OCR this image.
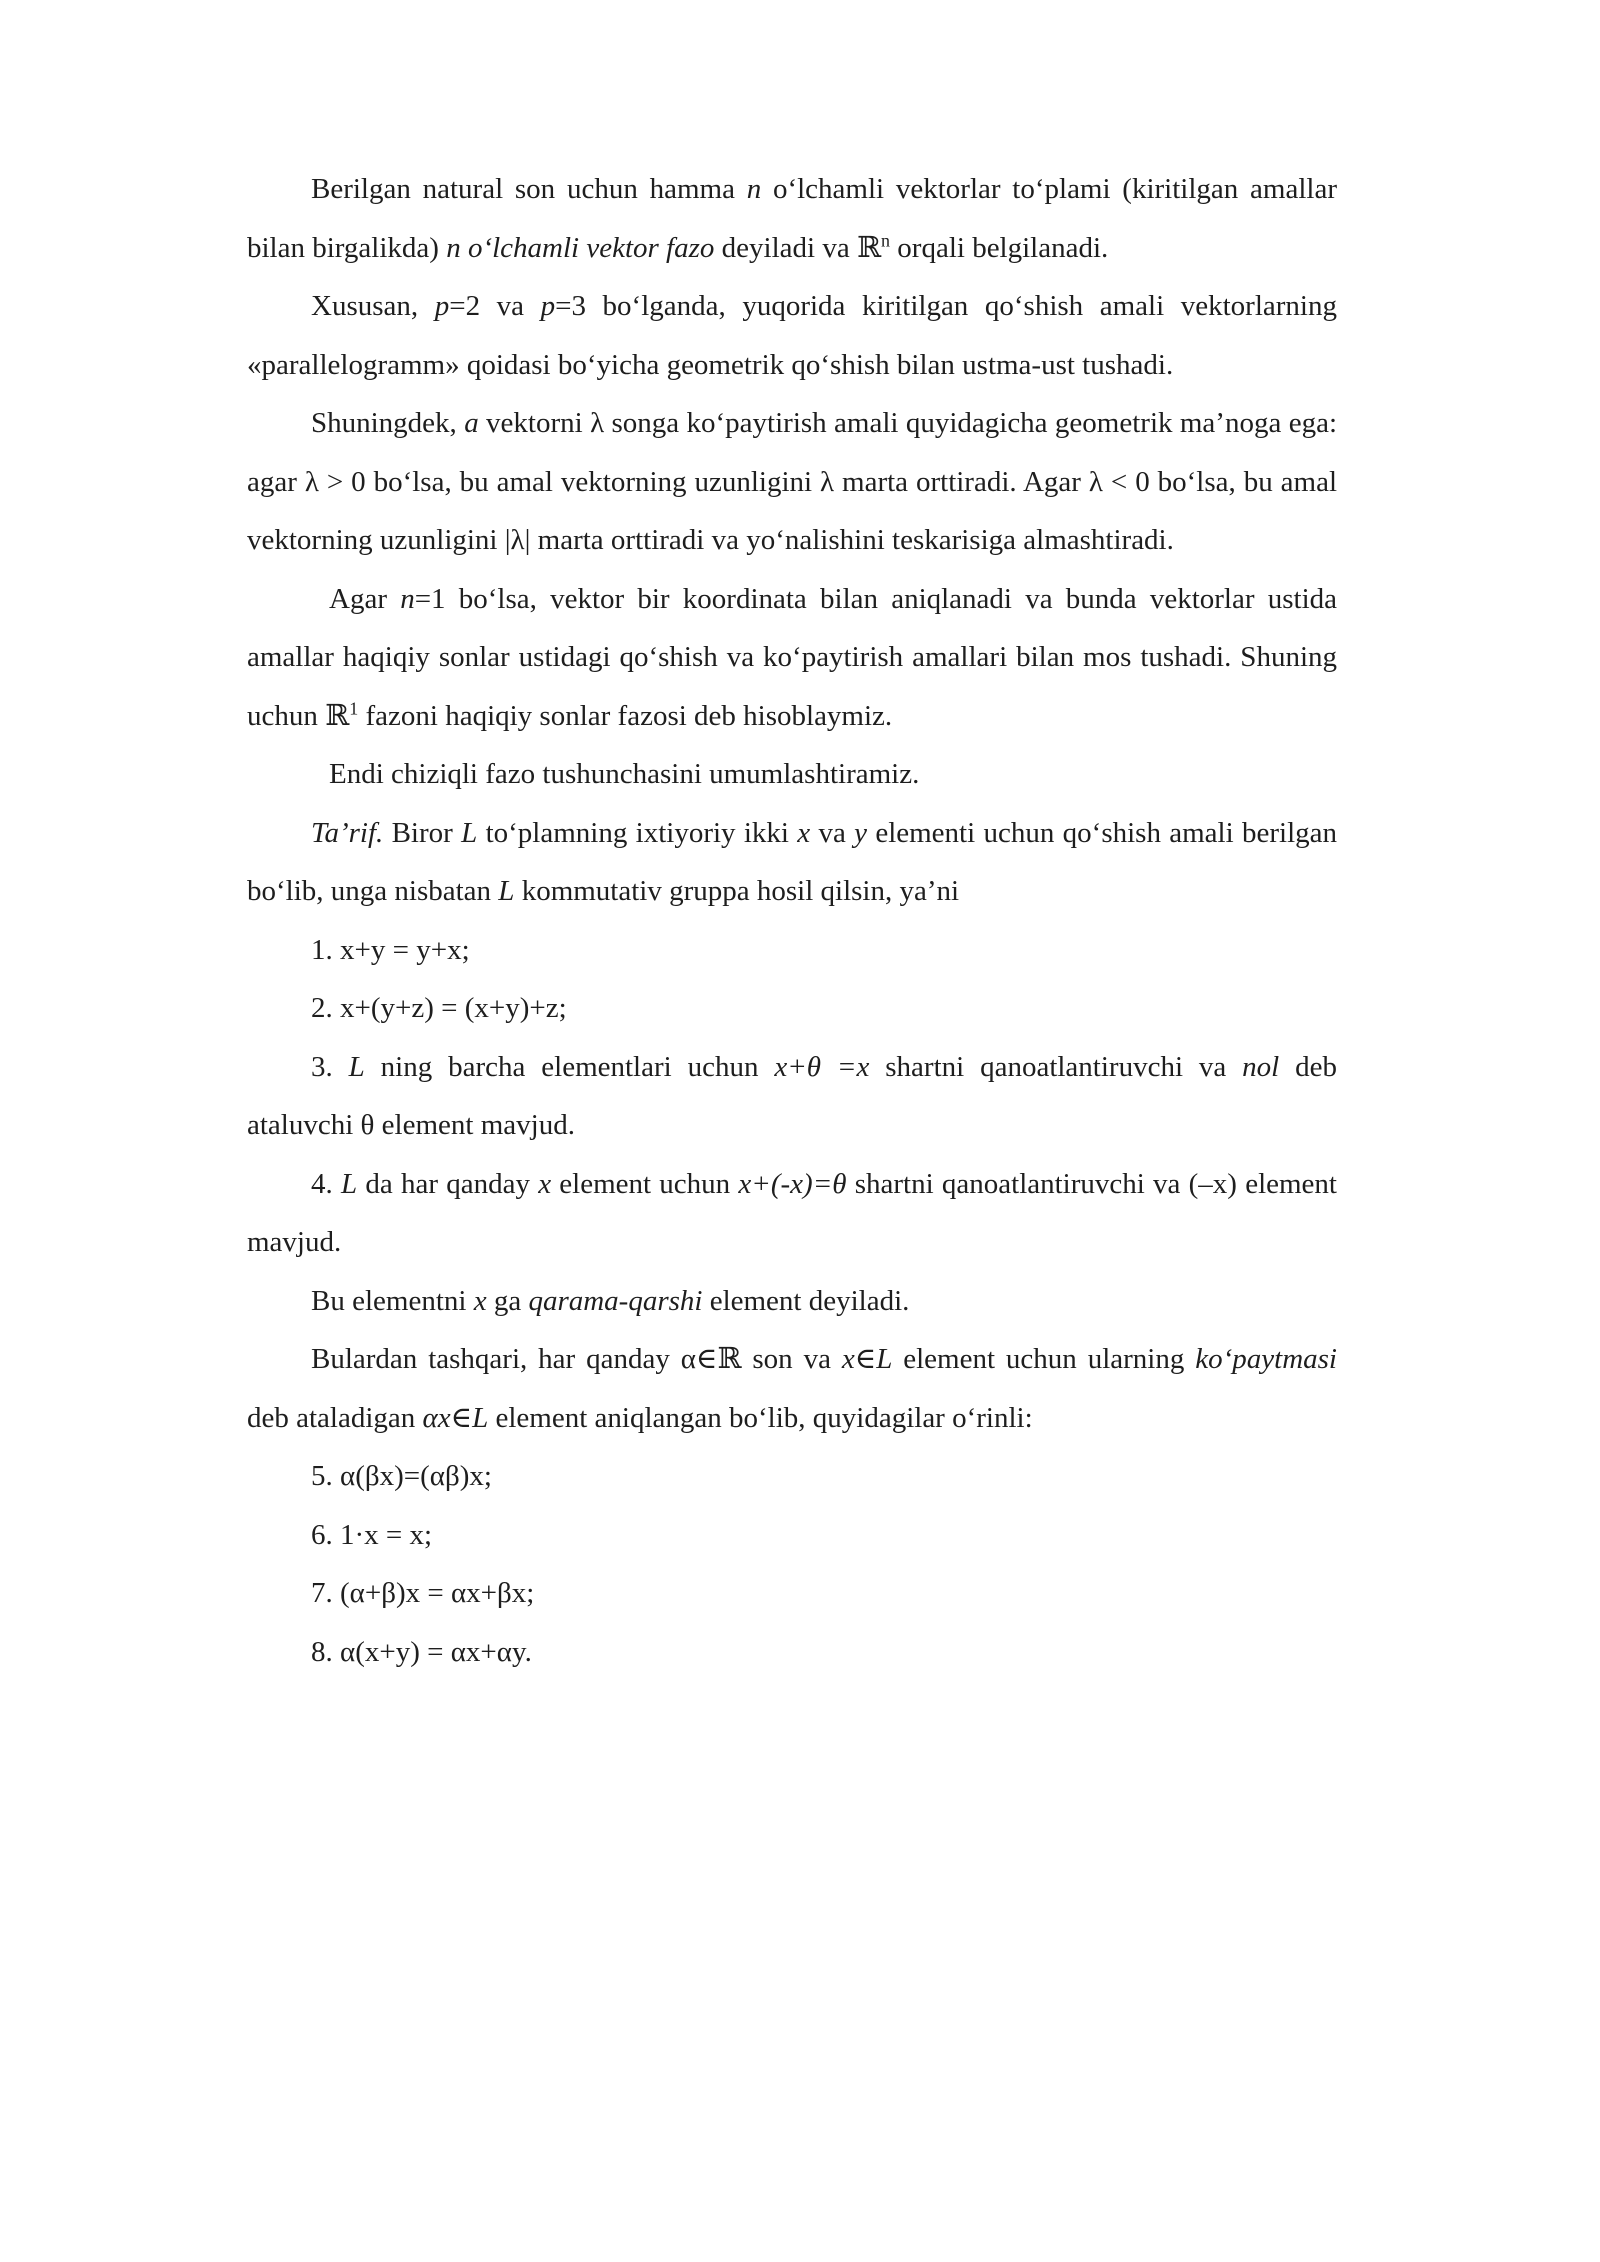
Berilgan natural son uchun hamma n o‘lchamli vektorlar to‘plami (kiritilgan amallar bilan birgalikda) n o‘lchamli vektor fazo deyiladi va ℝ$^n$ orqali belgilanadi.

Xususan, p=2 va p=3 bo‘lganda, yuqorida kiritilgan qo‘shish amali vektorlarning «parallelogramm» qoidasi bo‘yicha geometrik qo‘shish bilan ustma-ust tushadi.

Shuningdek, a vektorni λ songa ko‘paytirish amali quyidagicha geometrik ma’noga ega: agar λ > 0 bo‘lsa, bu amal vektorning uzunligini λ marta orttiradi. Agar λ < 0 bo‘lsa, bu amal vektorning uzunligini |λ| marta orttiradi va yo‘nalishini teskarisiga almashtiradi.

Agar n=1 bo‘lsa, vektor bir koordinata bilan aniqlanadi va bunda vektorlar ustida amallar haqiqiy sonlar ustidagi qo‘shish va ko‘paytirish amallari bilan mos tushadi. Shuning uchun ℝ$^1$ fazoni haqiqiy sonlar fazosi deb hisoblaymiz.

Endi chiziqli fazo tushunchasini umumlashtiramiz.

Ta’rif. Biror L to‘plamning ixtiyoriy ikki x va y elementi uchun qo‘shish amali berilgan bo‘lib, unga nisbatan L kommutativ gruppa hosil qilsin, ya’ni

1. x+y = y+x;

2. x+(y+z) = (x+y)+z;

3. L ning barcha elementlari uchun x+θ =x shartni qanoatlantiruvchi va nol deb ataluvchi θ element mavjud.

4. L da har qanday x element uchun x+(-x)=θ shartni qanoatlantiruvchi va (–x) element mavjud.

Bu elementni x ga qarama-qarshi element deyiladi.

Bulardan tashqari, har qanday α∈ℝ son va x∈L element uchun ularning ko‘paytmasi deb ataladigan αx∈L element aniqlangan bo‘lib, quyidagilar o‘rinli:

5. α(βx)=(αβ)x;

6. 1·x = x;

7. (α+β)x = αx+βx;

8. α(x+y) = αx+αy.
